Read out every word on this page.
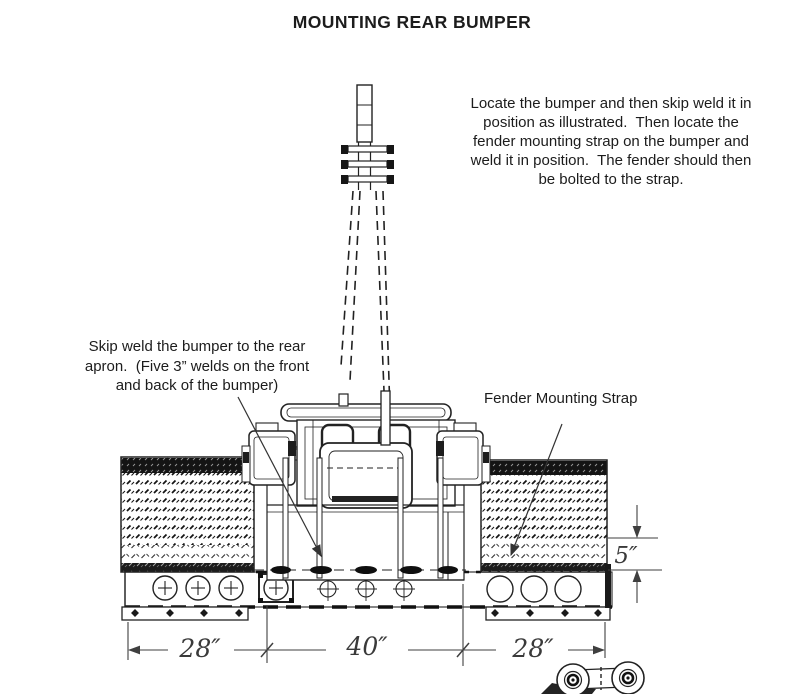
28″	40″	28″
5″
MOUNTING REAR BUMPER
Locate the bumper and then skip weld it in
position as illustrated.  Then locate the
fender mounting strap on the bumper and
weld it in position.  The fender should then
be bolted to the strap.
Skip weld the bumper to the rear
apron.  (Five 3” welds on the front
and back of the bumper)
Fender Mounting Strap
